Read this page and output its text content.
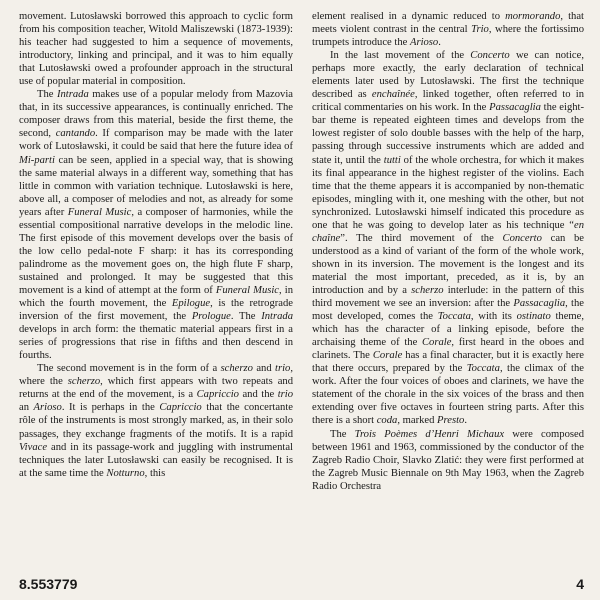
movement. Lutosławski borrowed this approach to cyclic form from his composition teacher, Witold Maliszewski (1873-1939): his teacher had suggested to him a sequence of movements, introductory, linking and principal, and it was to him equally that Lutosławski owed a profounder approach in the structural use of popular material in composition.

The Intrada makes use of a popular melody from Mazovia that, in its successive appearances, is continually enriched. The composer draws from this material, beside the first theme, the second, cantando. If comparison may be made with the later work of Lutosławski, it could be said that here the future idea of Mi-parti can be seen, applied in a special way, that is showing the same material always in a different way, something that has little in common with variation technique. Lutosławski is here, above all, a composer of melodies and not, as already for some years after Funeral Music, a composer of harmonies, while the essential compositional narrative develops in the melodic line. The first episode of this movement develops over the basis of the low cello pedal-note F sharp: it has its corresponding palindrome as the movement goes on, the high flute F sharp, sustained and prolonged. It may be suggested that this movement is a kind of attempt at the form of Funeral Music, in which the fourth movement, the Epilogue, is the retrograde inversion of the first movement, the Prologue. The Intrada develops in arch form: the thematic material appears first in a series of progressions that rise in fifths and then descend in fourths.

The second movement is in the form of a scherzo and trio, where the scherzo, which first appears with two repeats and returns at the end of the movement, is a Capriccio and the trio an Arioso. It is perhaps in the Capriccio that the concertante rôle of the instruments is most strongly marked, as, in their solo passages, they exchange fragments of the motifs. It is a rapid Vivace and in its passage-work and juggling with instrumental techniques the later Lutosławski can easily be recognised. It is at the same time the Notturno, this

element realised in a dynamic reduced to mormorando, that meets violent contrast in the central Trio, where the fortissimo trumpets introduce the Arioso.

In the last movement of the Concerto we can notice, perhaps more exactly, the early declaration of technical elements later used by Lutosławski. The first the technique described as enchaînée, linked together, often referred to in critical commentaries on his work. In the Passacaglia the eight-bar theme is repeated eighteen times and develops from the lowest register of solo double basses with the help of the harp, passing through successive instruments which are added and state it, until the tutti of the whole orchestra, for which it makes its final appearance in the highest register of the violins. Each time that the theme appears it is accompanied by non-thematic episodes, mingling with it, one meshing with the other, but not synchronized. Lutosławski himself indicated this procedure as one that he was going to develop later as his technique “en chaîne”. The third movement of the Concerto can be understood as a kind of variant of the form of the whole work, shown in its inversion. The movement is the longest and its material the most important, preceded, as it is, by an introduction and by a scherzo interlude: in the pattern of this third movement we see an inversion: after the Passacaglia, the most developed, comes the Toccata, with its ostinato theme, which has the character of a linking episode, before the archaising theme of the Corale, first heard in the oboes and clarinets. The Corale has a final character, but it is exactly here that there occurs, prepared by the Toccata, the climax of the work. After the four voices of oboes and clarinets, we have the statement of the chorale in the six voices of the brass and then extending over five octaves in fourteen string parts. After this there is a short coda, marked Presto.

The Trois Poèmes d’Henri Michaux were composed between 1961 and 1963, commissioned by the conductor of the Zagreb Radio Choir, Slavko Zlatić: they were first performed at the Zagreb Music Biennale on 9th May 1963, when the Zagreb Radio Orchestra

8.553779	4
